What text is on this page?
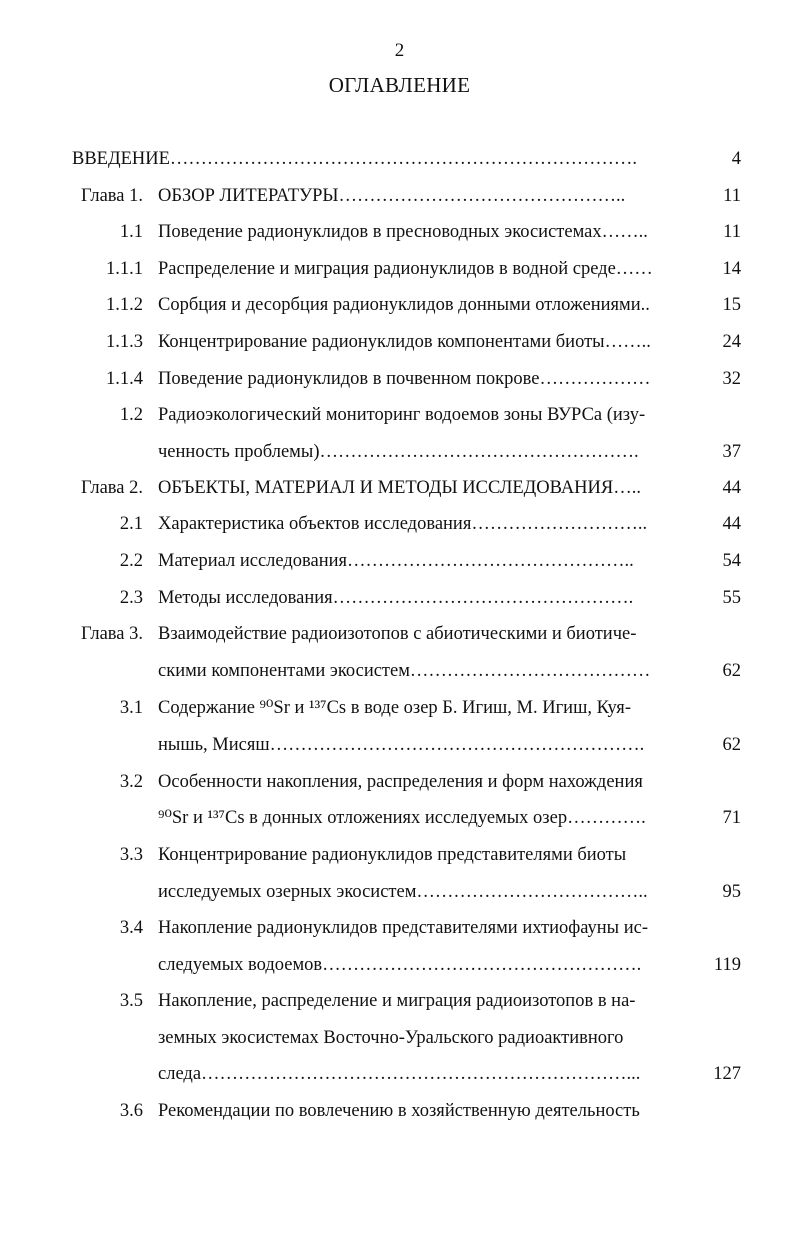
2
ОГЛАВЛЕНИЕ
ВВЕДЕНИЕ………………………………………………………………….	4
Глава 1. ОБЗОР ЛИТЕРАТУРЫ………………………………………..	11
1.1 Поведение радионуклидов в пресноводных экосистемах……..	11
1.1.1 Распределение и миграция радионуклидов в водной среде……	14
1.1.2 Сорбция и десорбция радионуклидов донными отложениями..	15
1.1.3 Концентрирование радионуклидов компонентами биоты……..	24
1.1.4 Поведение радионуклидов в почвенном покрове………………	32
1.2 Радиоэкологический мониторинг водоемов зоны ВУРСа (изу-
ченность проблемы)…………………………………………….	37
Глава 2. ОБЪЕКТЫ, МАТЕРИАЛ И МЕТОДЫ ИССЛЕДОВАНИЯ…..	44
2.1 Характеристика объектов исследования………………………..	44
2.2 Материал исследования………………………………………..	54
2.3 Методы исследования………………………………………….	55
Глава 3. Взаимодействие радиоизотопов с абиотическими и биотиче-
скими компонентами экосистем…………………………………	62
3.1 Содержание ⁹⁰Sr и ¹³⁷Cs в воде озер Б. Игиш, М. Игиш, Куя-
нышь, Мисяш…………………………………………………….	62
3.2 Особенности накопления, распределения и форм нахождения
⁹⁰Sr и ¹³⁷Cs в донных отложениях исследуемых озер………….	71
3.3 Концентрирование радионуклидов представителями биоты
исследуемых озерных экосистем………………………………..	95
3.4 Накопление радионуклидов представителями ихтиофауны ис-
следуемых водоемов…………………………………………….	119
3.5 Накопление, распределение и миграция радиоизотопов в на-
земных экосистемах Восточно-Уральского радиоактивного
следа……………………………………………………………...	127
3.6 Рекомендации по вовлечению в хозяйственную деятельность
